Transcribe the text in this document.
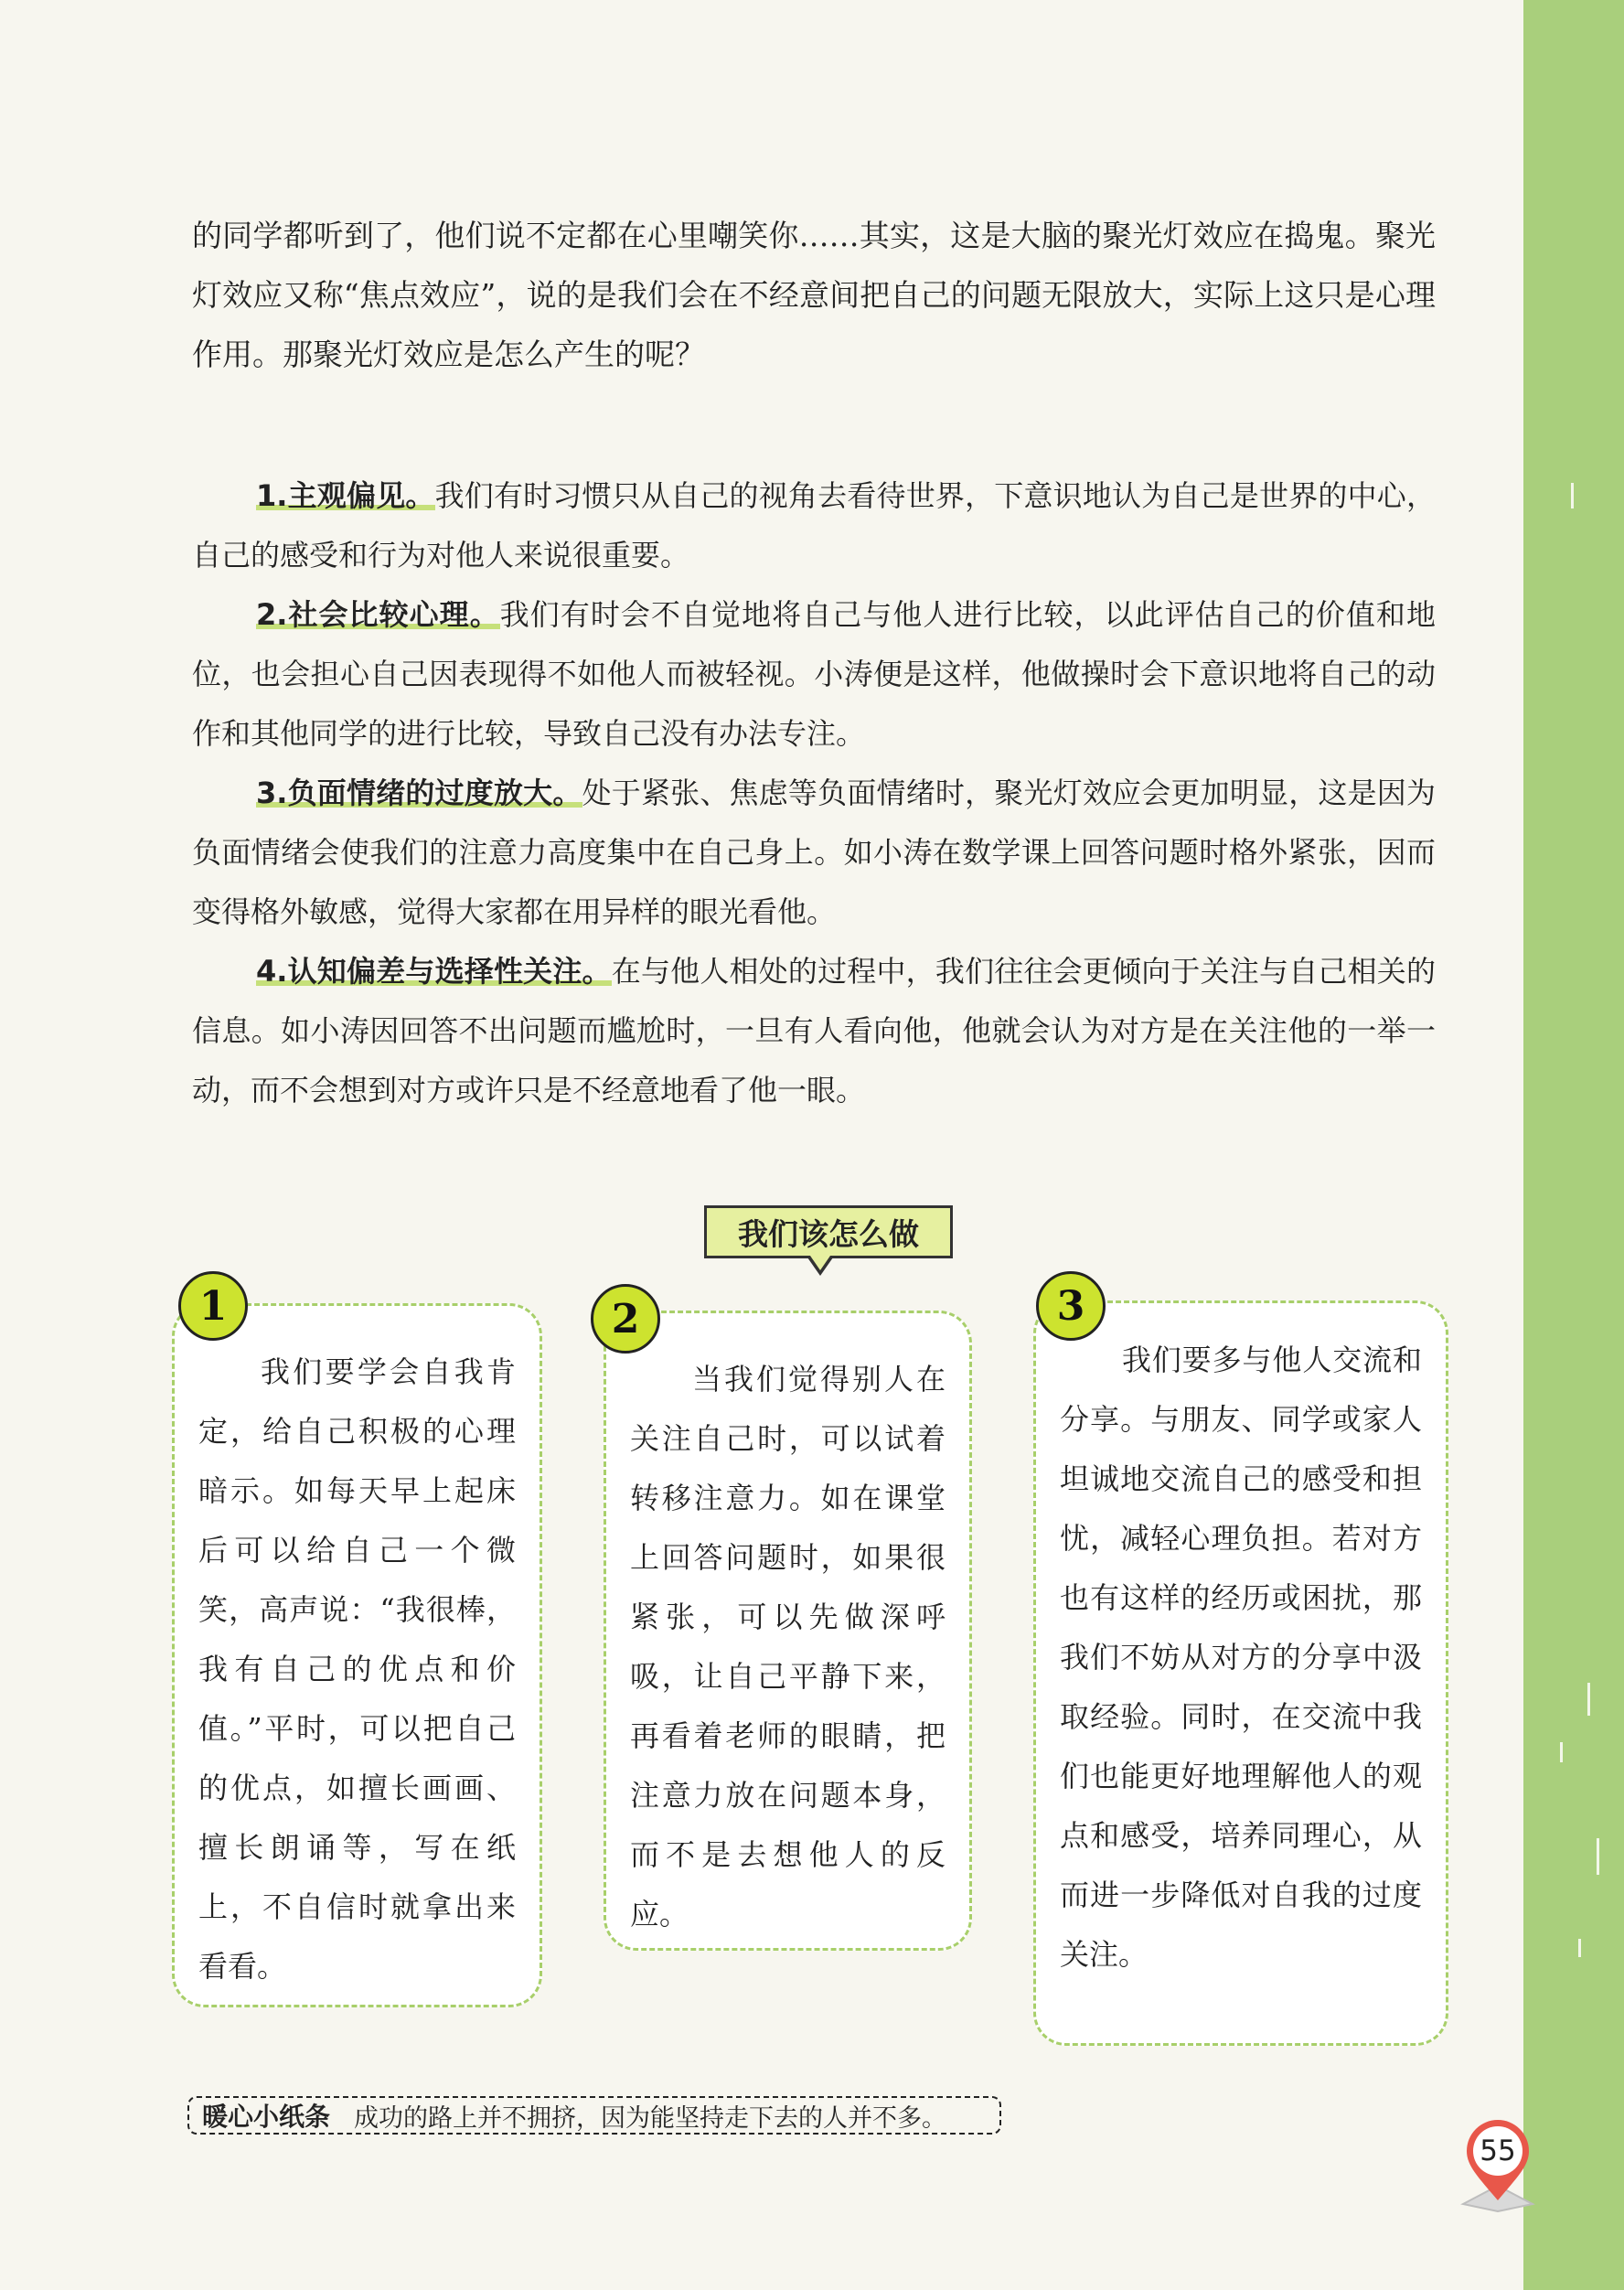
的同学都听到了，他们说不定都在心里嘲笑你……其实，这是大脑的聚光灯效应在捣鬼。聚光灯效应又称“焦点效应”，说的是我们会在不经意间把自己的问题无限放大，实际上这只是心理作用。那聚光灯效应是怎么产生的呢？

1.主观偏见。我们有时习惯只从自己的视角去看待世界，下意识地认为自己是世界的中心，自己的感受和行为对他人来说很重要。

2.社会比较心理。我们有时会不自觉地将自己与他人进行比较，以此评估自己的价值和地位，也会担心自己因表现得不如他人而被轻视。小涛便是这样，他做操时会下意识地将自己的动作和其他同学的进行比较，导致自己没有办法专注。

3.负面情绪的过度放大。处于紧张、焦虑等负面情绪时，聚光灯效应会更加明显，这是因为负面情绪会使我们的注意力高度集中在自己身上。如小涛在数学课上回答问题时格外紧张，因而变得格外敏感，觉得大家都在用异样的眼光看他。

4.认知偏差与选择性关注。在与他人相处的过程中，我们往往会更倾向于关注与自己相关的信息。如小涛因回答不出问题而尴尬时，一旦有人看向他，他就会认为对方是在关注他的一举一动，而不会想到对方或许只是不经意地看了他一眼。

我们该怎么做

我们要学会自我肯定，给自己积极的心理暗示。如每天早上起床后可以给自己一个微笑，高声说：“我很棒，我有自己的优点和价值。”平时，可以把自己的优点，如擅长画画、擅长朗诵等，写在纸上，不自信时就拿出来看看。

1

当我们觉得别人在关注自己时，可以试着转移注意力。如在课堂上回答问题时，如果很紧张，可以先做深呼吸，让自己平静下来，再看着老师的眼睛，把注意力放在问题本身，而不是去想他人的反应。

2

我们要多与他人交流和分享。与朋友、同学或家人坦诚地交流自己的感受和担忧，减轻心理负担。若对方也有这样的经历或困扰，那我们不妨从对方的分享中汲取经验。同时，在交流中我们也能更好地理解他人的观点和感受，培养同理心，从而进一步降低对自我的过度关注。

3
暖心小纸条 成功的路上并不拥挤，因为能坚持走下去的人并不多。
55
